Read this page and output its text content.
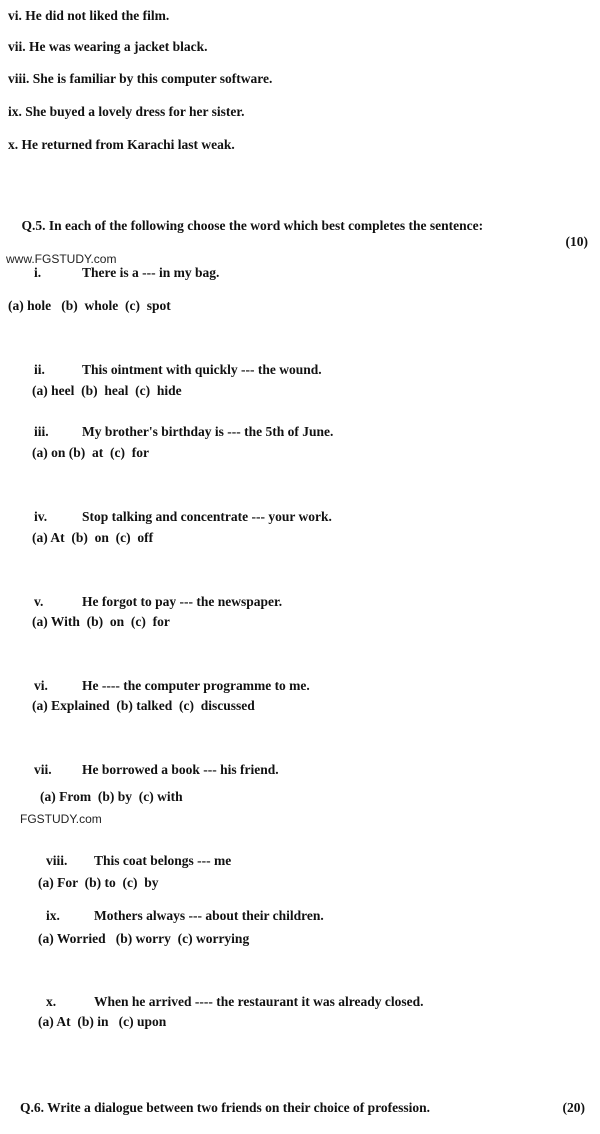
vi. He did not liked the film.
vii. He was wearing a jacket black.
viii. She is familiar by this computer software.
ix. She buyed a lovely dress for her sister.
x. He returned from Karachi last weak.

Q.5. In each of the following choose the word which best completes the sentence:

(10)

www.FGSTUDY.com
i.	There is a --- in my bag.
(a) hole   (b)  whole  (c)  spot
ii.	This ointment with quickly --- the wound.
(a) heel  (b)  heal  (c)  hide
iii. My brother's birthday is --- the 5th of June.
(a) on (b)  at  (c)  for
iv.	Stop talking and concentrate --- your work.
(a) At  (b)  on  (c)  off
v.	He forgot to pay --- the newspaper.
(a) With  (b)  on  (c)  for
vi.	He ---- the computer programme to me.
(a) Explained  (b) talked  (c)  discussed
vii. He borrowed a book --- his friend.
(a) From  (b) by  (c) with
viii. This coat belongs --- me
(a) For  (b) to  (c)  by
ix.	Mothers always --- about their children.
(a) Worried   (b) worry  (c) worrying
x.	When he arrived ---- the restaurant it was already closed.
(a) At  (b) in   (c) upon
FGSTUDY.com
Q.6. Write a dialogue between two friends on their choice of profession.	(20)
